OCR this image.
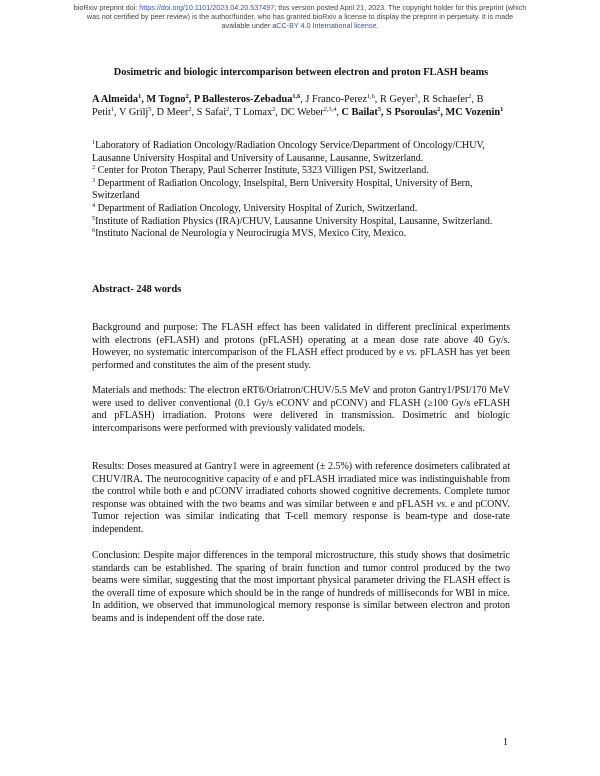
bioRxiv preprint doi: https://doi.org/10.1101/2023.04.20.537497; this version posted April 21, 2023. The copyright holder for this preprint (which
was not certified by peer review) is the author/funder, who has granted bioRxiv a license to display the preprint in perpetuity. It is made
available under aCC-BY 4.0 International license.
Dosimetric and biologic intercomparison between electron and proton FLASH beams
A Almeida$^1$, M Togno$^2$, P Ballesteros-Zebadua$^{1,6}$, J Franco-Perez$^{1,6}$, R Geyer$^3$, R Schaefer$^2$, B Petit$^1$, V Grilj$^5$, D Meer$^2$, S Safai$^2$, T Lomax$^2$, DC Weber$^{2,3,4}$, C Bailat$^5$, S Psoroulas$^2$, MC Vozenin$^1$

$^1$Laboratory of Radiation Oncology/Radiation Oncology Service/Department of Oncology/CHUV, Lausanne University Hospital and University of Lausanne, Lausanne, Switzerland.

$^2$ Center for Proton Therapy, Paul Scherrer Institute, 5323 Villigen PSI, Switzerland.

$^3$ Department of Radiation Oncology, Inselspital, Bern University Hospital, University of Bern, Switzerland

$^4$ Department of Radiation Oncology, University Hospital of Zurich, Switzerland.

$^5$Institute of Radiation Physics (IRA)/CHUV, Lausanne University Hospital, Lausanne, Switzerland.

$^6$Instituto Nacional de Neurología y Neurocirugía MVS, Mexico City, Mexico.

Abstract- 248 words

Background and purpose: The FLASH effect has been validated in different preclinical experiments with electrons (eFLASH) and protons (pFLASH) operating at a mean dose rate above 40 Gy/s. However, no systematic intercomparison of the FLASH effect produced by e vs. pFLASH has yet been performed and constitutes the aim of the present study.

Materials and methods: The electron eRT6/Oriatron/CHUV/5.5 MeV and proton Gantry1/PSI/170 MeV were used to deliver conventional (0.1 Gy/s eCONV and pCONV) and FLASH (≥100 Gy/s eFLASH and pFLASH) irradiation. Protons were delivered in transmission. Dosimetric and biologic intercomparisons were performed with previously validated models.

Results: Doses measured at Gantry1 were in agreement (± 2.5%) with reference dosimeters calibrated at CHUV/IRA. The neurocognitive capacity of e and pFLASH irradiated mice was indistinguishable from the control while both e and pCONV irradiated cohorts showed cognitive decrements. Complete tumor response was obtained with the two beams and was similar between e and pFLASH vs. e and pCONV. Tumor rejection was similar indicating that T-cell memory response is beam-type and dose-rate independent.

Conclusion: Despite major differences in the temporal microstructure, this study shows that dosimetric standards can be established. The sparing of brain function and tumor control produced by the two beams were similar, suggesting that the most important physical parameter driving the FLASH effect is the overall time of exposure which should be in the range of hundreds of milliseconds for WBI in mice. In addition, we observed that immunological memory response is similar between electron and proton beams and is independent off the dose rate.

1
